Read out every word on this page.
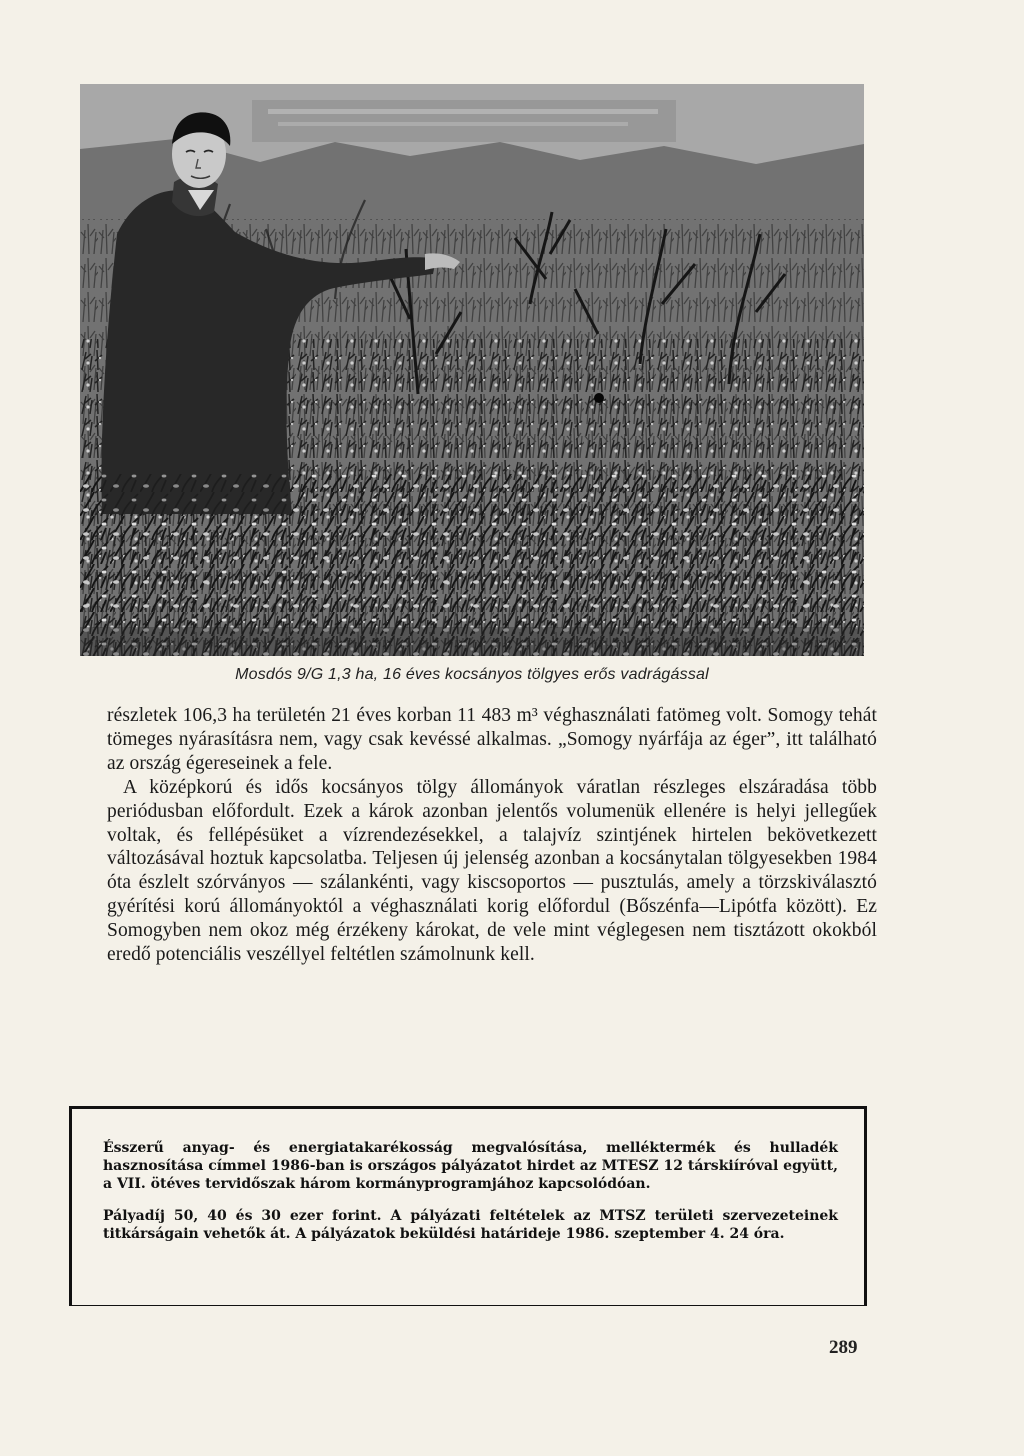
Mosdós 9/G 1,3 ha, 16 éves kocsányos tölgyes erős vadrágással

részletek 106,3 ha területén 21 éves korban 11 483 m³ véghasználati fatömeg volt. Somogy tehát tömeges nyárasításra nem, vagy csak kevéssé alkalmas. „Somogy nyárfája az éger”, itt található az ország égereseinek a fele.

A középkorú és idős kocsányos tölgy állományok váratlan részleges elszáradása több periódusban előfordult. Ezek a károk azonban jelentős volumenük ellenére is helyi jellegűek voltak, és fellépésüket a vízrendezésekkel, a talajvíz szintjének hirtelen bekövetkezett változásával hoztuk kapcsolatba. Teljesen új jelenség azonban a kocsánytalan tölgyesekben 1984 óta észlelt szórványos — szálankénti, vagy kiscsoportos — pusztulás, amely a törzskiválasztó gyérítési korú állományoktól a véghasználati korig előfordul (Bőszénfa—Lipótfa között). Ez Somogyben nem okoz még érzékeny károkat, de vele mint véglegesen nem tisztázott okokból eredő potenciális veszéllyel feltétlen számolnunk kell.

Ésszerű anyag- és energiatakarékosság megvalósítása, melléktermék és hulladék hasznosítása címmel 1986-ban is országos pályázatot hirdet az MTESZ 12 társkiíróval együtt, a VII. ötéves tervidőszak három kormányprogramjához kapcsolódóan.

Pályadíj 50, 40 és 30 ezer forint. A pályázati feltételek az MTSZ területi szervezeteinek titkárságain vehetők át. A pályázatok beküldési határideje 1986. szeptember 4. 24 óra.

289
